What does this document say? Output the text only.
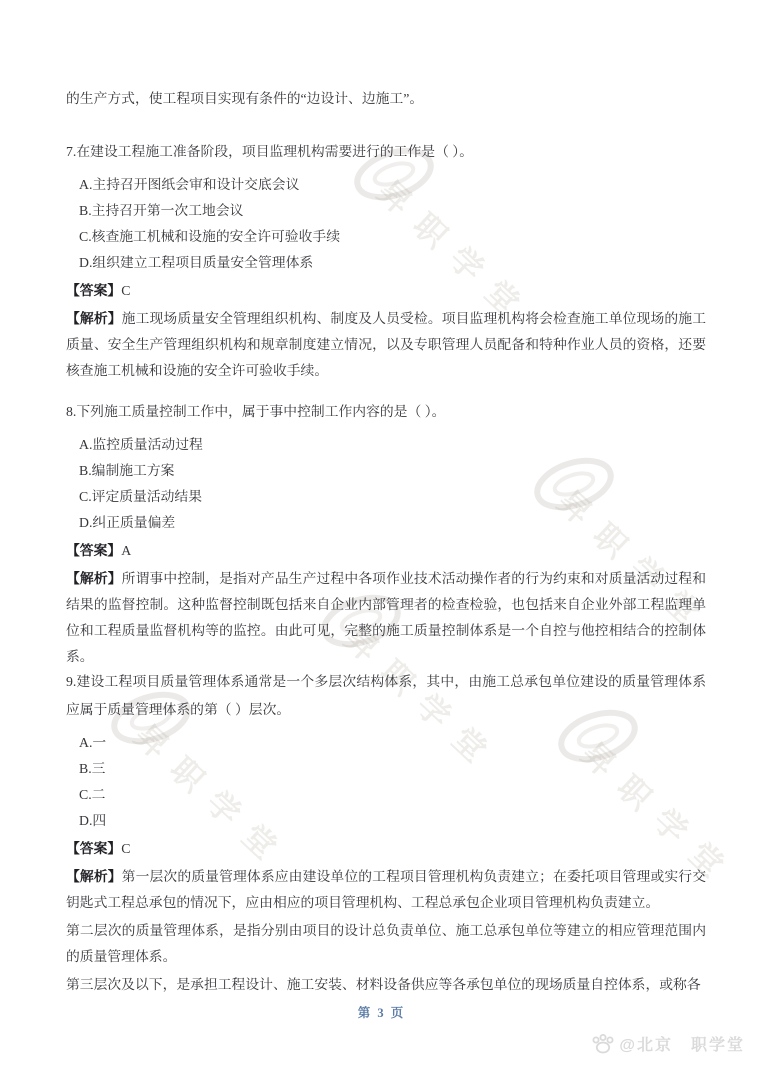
昇职学堂
昇职学堂
昇职学堂
昇职学堂	昇职学堂

的生产方式，使工程项目实现有条件的“边设计、边施工”。

7.在建设工程施工准备阶段，项目监理机构需要进行的工作是（ ）。

A.主持召开图纸会审和设计交底会议

B.主持召开第一次工地会议

C.核查施工机械和设施的安全许可验收手续

D.组织建立工程项目质量安全管理体系

【答案】C

【解析】施工现场质量安全管理组织机构、制度及人员受检。项目监理机构将会检查施工单位现场的施工质量、安全生产管理组织机构和规章制度建立情况，以及专职管理人员配备和特种作业人员的资格，还要核查施工机械和设施的安全许可验收手续。

8.下列施工质量控制工作中，属于事中控制工作内容的是（ ）。

A.监控质量活动过程

B.编制施工方案

C.评定质量活动结果

D.纠正质量偏差

【答案】A

【解析】所谓事中控制，是指对产品生产过程中各项作业技术活动操作者的行为约束和对质量活动过程和结果的监督控制。这种监督控制既包括来自企业内部管理者的检查检验，也包括来自企业外部工程监理单位和工程质量监督机构等的监控。由此可见，完整的施工质量控制体系是一个自控与他控相结合的控制体系。

9.建设工程项目质量管理体系通常是一个多层次结构体系，其中，由施工总承包单位建设的质量管理体系应属于质量管理体系的第（ ）层次。

A.一

B.三

C.二

D.四

【答案】C

【解析】第一层次的质量管理体系应由建设单位的工程项目管理机构负责建立；在委托项目管理或实行交钥匙式工程总承包的情况下，应由相应的项目管理机构、工程总承包企业项目管理机构负责建立。

第二层次的质量管理体系，是指分别由项目的设计总负责单位、施工总承包单位等建立的相应管理范围内的质量管理体系。

第三层次及以下，是承担工程设计、施工安装、材料设备供应等各承包单位的现场质量自控体系，或称各

第 3 页
@北京　职学堂
